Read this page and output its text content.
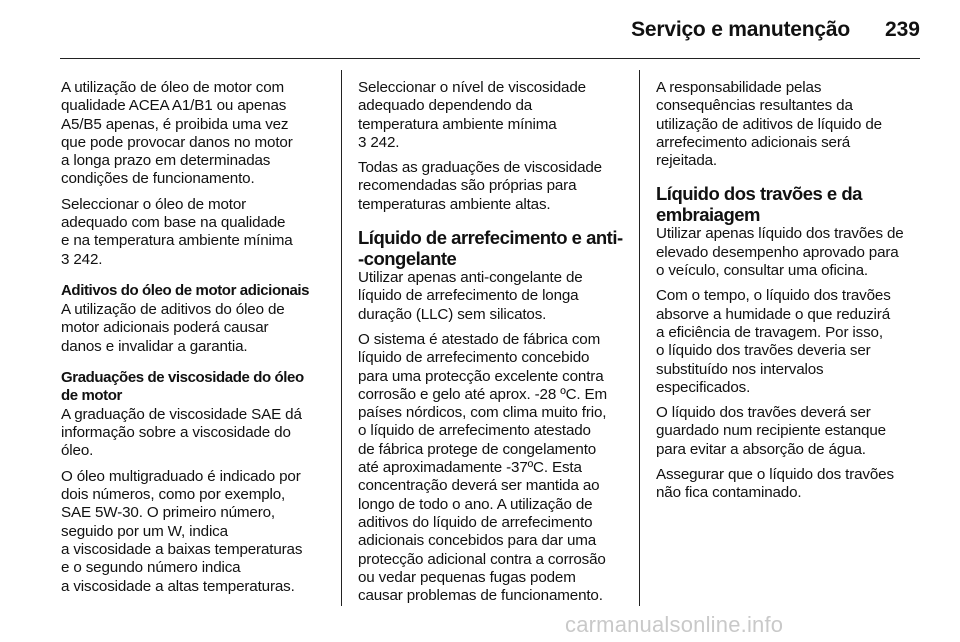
Serviço e manutenção	239
A utilização de óleo de motor com
qualidade ACEA A1/B1 ou apenas
A5/B5 apenas, é proibida uma vez
que pode provocar danos no motor
a longa prazo em determinadas
condições de funcionamento.
Seleccionar o óleo de motor
adequado com base na qualidade
e na temperatura ambiente mínima
3 242.
Aditivos do óleo de motor adicionais
A utilização de aditivos do óleo de
motor adicionais poderá causar
danos e invalidar a garantia.
Graduações de viscosidade do óleo
de motor
A graduação de viscosidade SAE dá
informação sobre a viscosidade do
óleo.
O óleo multigraduado é indicado por
dois números, como por exemplo,
SAE 5W-30. O primeiro número,
seguido por um W, indica
a viscosidade a baixas temperaturas
e o segundo número indica
a viscosidade a altas temperaturas.
Seleccionar o nível de viscosidade
adequado dependendo da
temperatura ambiente mínima
3 242.
Todas as graduações de viscosidade
recomendadas são próprias para
temperaturas ambiente altas.
Líquido de arrefecimento e anti-
-congelante
Utilizar apenas anti-congelante de
líquido de arrefecimento de longa
duração (LLC) sem silicatos.
O sistema é atestado de fábrica com
líquido de arrefecimento concebido
para uma protecção excelente contra
corrosão e gelo até aprox. -28 ºC. Em
países nórdicos, com clima muito frio,
o líquido de arrefecimento atestado
de fábrica protege de congelamento
até aproximadamente -37ºC. Esta
concentração deverá ser mantida ao
longo de todo o ano. A utilização de
aditivos do líquido de arrefecimento
adicionais concebidos para dar uma
protecção adicional contra a corrosão
ou vedar pequenas fugas podem
causar problemas de funcionamento.
A responsabilidade pelas
consequências resultantes da
utilização de aditivos de líquido de
arrefecimento adicionais será
rejeitada.
Líquido dos travões e da
embraiagem
Utilizar apenas líquido dos travões de
elevado desempenho aprovado para
o veículo, consultar uma oficina.
Com o tempo, o líquido dos travões
absorve a humidade o que reduzirá
a eficiência de travagem. Por isso,
o líquido dos travões deveria ser
substituído nos intervalos
especificados.
O líquido dos travões deverá ser
guardado num recipiente estanque
para evitar a absorção de água.
Assegurar que o líquido dos travões
não fica contaminado.
carmanualsonline.info
